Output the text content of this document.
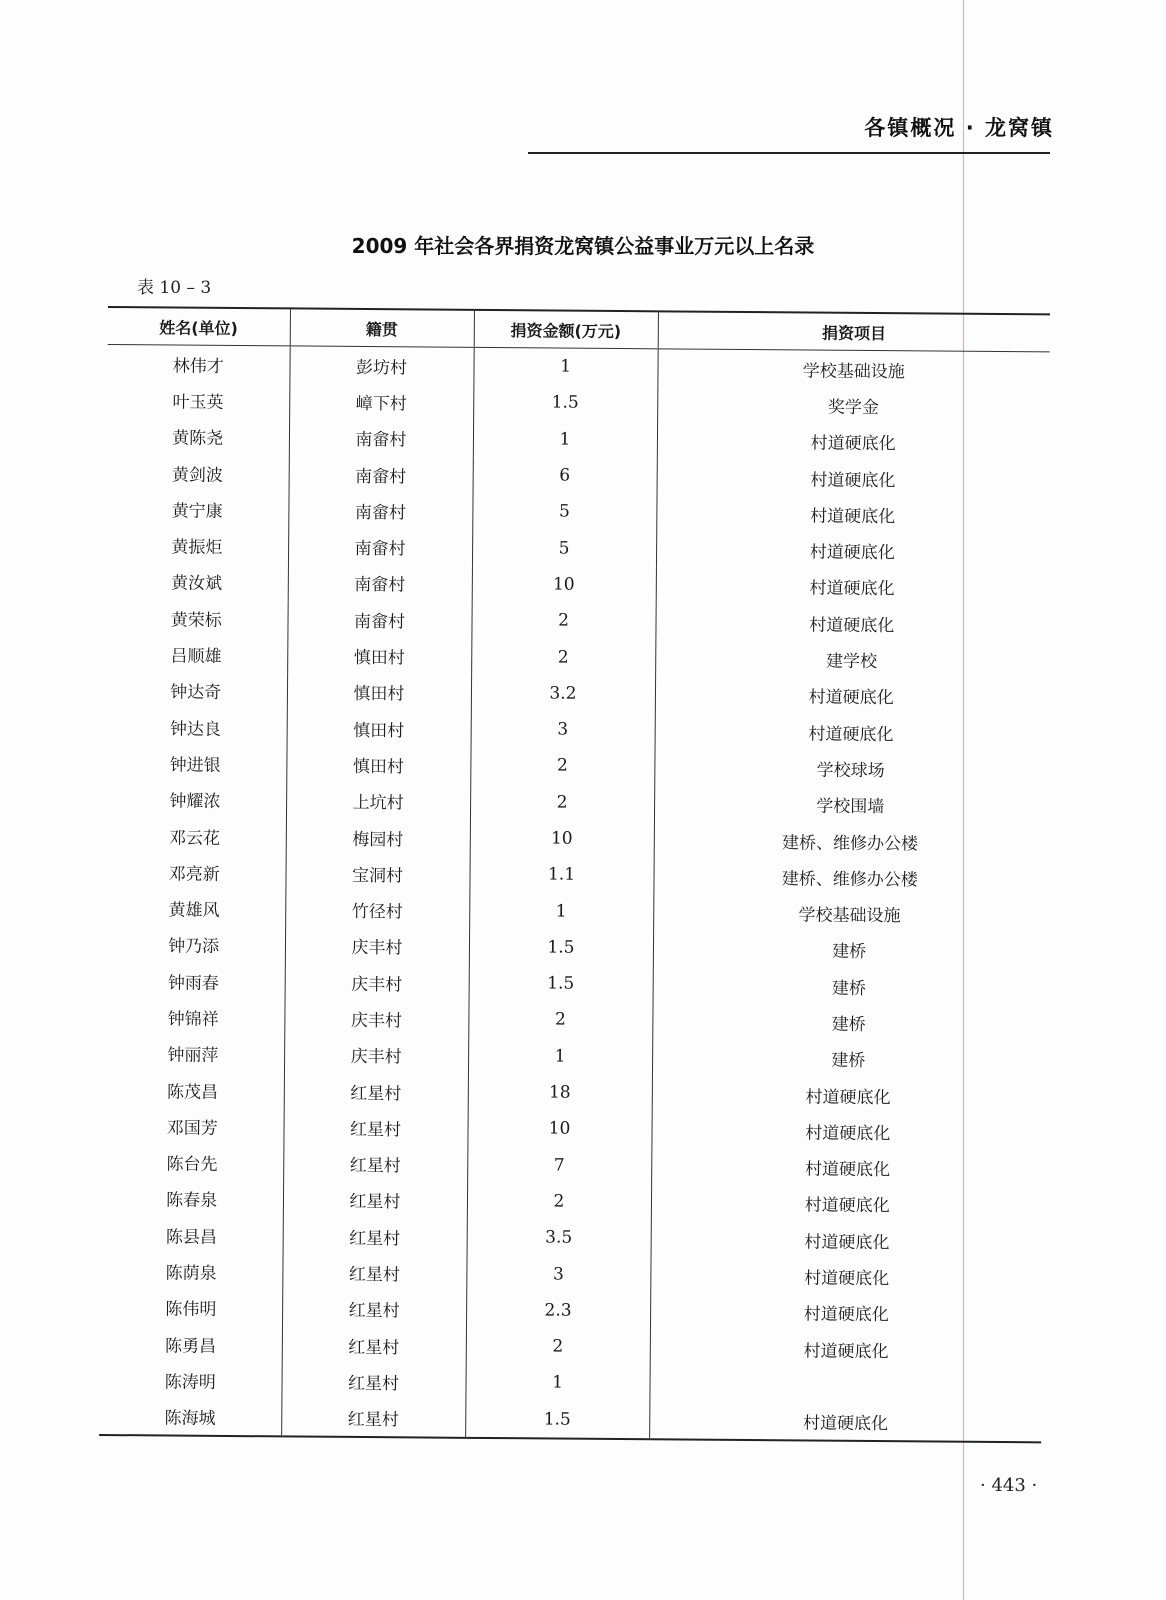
各镇概况 · 龙窝镇
2009 年社会各界捐资龙窝镇公益事业万元以上名录
表 10 – 3
姓名(单位)	籍贯	捐资金额(万元)	捐资项目
林伟才	彭坊村	1	学校基础设施
叶玉英	嶂下村	1.5	奖学金
黄陈尧	南畲村	1	村道硬底化
黄剑波	南畲村	6	村道硬底化
黄宁康	南畲村	5	村道硬底化
黄振炬	南畲村	5	村道硬底化
黄汝斌	南畲村	10	村道硬底化
黄荣标	南畲村	2	村道硬底化
吕顺雄	慎田村	2	建学校
钟达奇	慎田村	3.2	村道硬底化
钟达良	慎田村	3	村道硬底化
钟进银	慎田村	2	学校球场
钟耀浓	上坑村	2	学校围墙
邓云花	梅园村	10	建桥、维修办公楼
邓亮新	宝洞村	1.1	建桥、维修办公楼
黄雄风	竹径村	1	学校基础设施
钟乃添	庆丰村	1.5	建桥
钟雨春	庆丰村	1.5	建桥
钟锦祥	庆丰村	2	建桥
钟丽萍	庆丰村	1	建桥
陈茂昌	红星村	18	村道硬底化
邓国芳	红星村	10	村道硬底化
陈台先	红星村	7	村道硬底化
陈春泉	红星村	2	村道硬底化
陈县昌	红星村	3.5	村道硬底化
陈荫泉	红星村	3	村道硬底化
陈伟明	红星村	2.3	村道硬底化
陈勇昌	红星村	2	村道硬底化
陈涛明	红星村	1	
陈海城	红星村	1.5	村道硬底化
· 443 ·
